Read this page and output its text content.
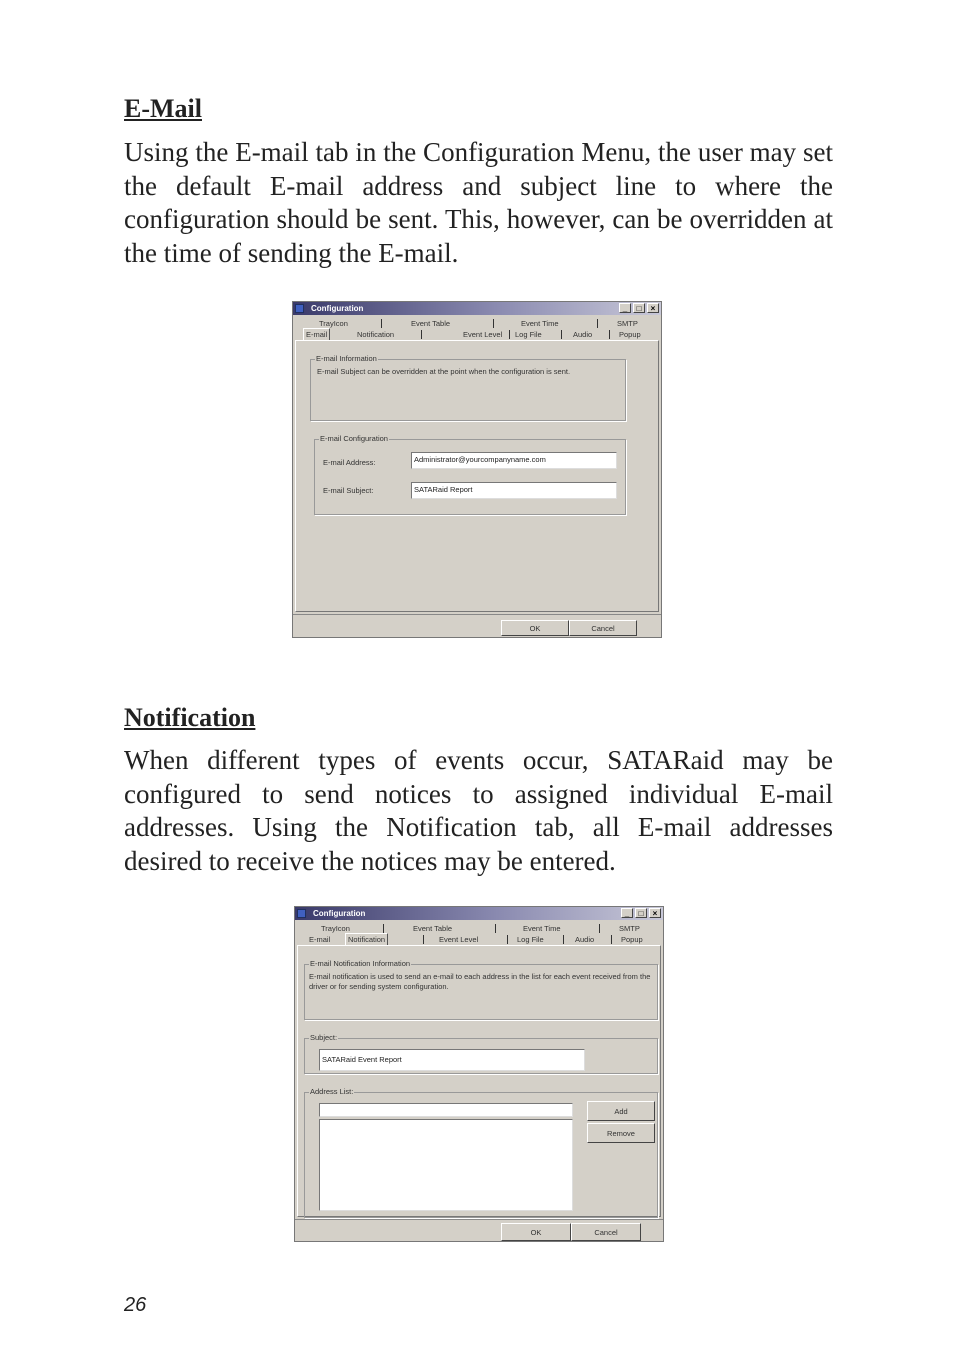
E-Mail

Using the E-mail tab in the Configuration Menu, the user may set the default E-mail address and subject line to where the configuration should be sent. This, however, can be overridden at the time of sending the E-mail.

Configuration	_	□	×
TrayIcon	Event Table	Event Time	SMTP
E-mail	Notification	Event Level Log File	Audio	Popup
E-mail Information
E-mail Subject can be overridden at the point when the configuration is sent.
E-mail Configuration
E-mail Address:	Administrator@yourcompanyname.com
E-mail Subject:	SATARaid Report
OK	Cancel
Notification

When different types of events occur, SATARaid may be configured to send notices to assigned individual E-mail addresses. Using the Notification tab, all E-mail addresses desired to receive the notices may be entered.

Configuration	_	□	×
TrayIcon	Event Table	Event Time	SMTP
E-mail	Notification	Event Level	Log File	Audio	Popup
E-mail Notification Information
E-mail notification is used to send an e-mail to each address in the list for each event received from the driver or for sending system configuration.
Subject:
SATARaid Event Report
Address List:
Add
Remove
OK	Cancel
26
